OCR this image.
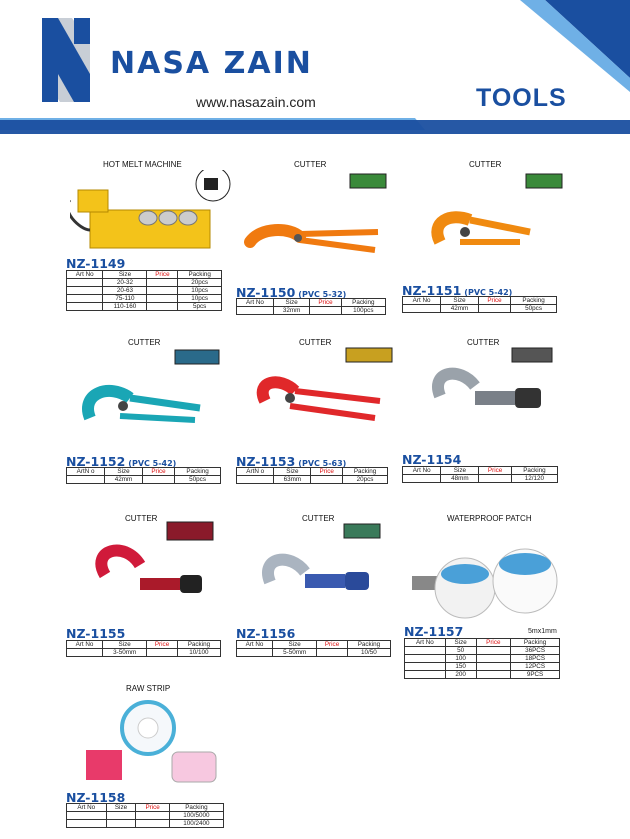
NASA ZAIN
www.nasazain.com	TOOLS
HOT MELT MACHINE
NZ-1149
Art No	Size	Price	Packing
	20-32		20pcs
	20-63		10pcs
	75-110		10pcs
	110-160		5pcs
CUTTER
NZ-1150 (PVC 5-32)
Art No	Size	Price	Packing
	32mm		100pcs
CUTTER
NZ-1151 (PVC 5-42)
Art No	Size	Price	Packing
	42mm		50pcs
CUTTER
NZ-1152 (PVC 5-42)
ArtN o	Size	Price	Packing
	42mm		50pcs
CUTTER
NZ-1153 (PVC 5-63)
ArtN o	Size	Price	Packing
	63mm		20pcs
CUTTER
NZ-1154
Art No	Size	Price	Packing
	48mm		12/120
CUTTER
NZ-1155
Art No	Size	Price	Packing
	3-50mm		10/100
CUTTER
NZ-1156
Art No	Size	Price	Packing
	5-50mm		10/50
WATERPROOF PATCH
NZ-1157	5mx1mm
Art No	Size	Price	Packing
	50		36PCS
	100		18PCS
	150		12PCS
	200		9PCS
RAW STRIP
NZ-1158
Art No	Size	Price	Packing
			100/5000
			100/2400
